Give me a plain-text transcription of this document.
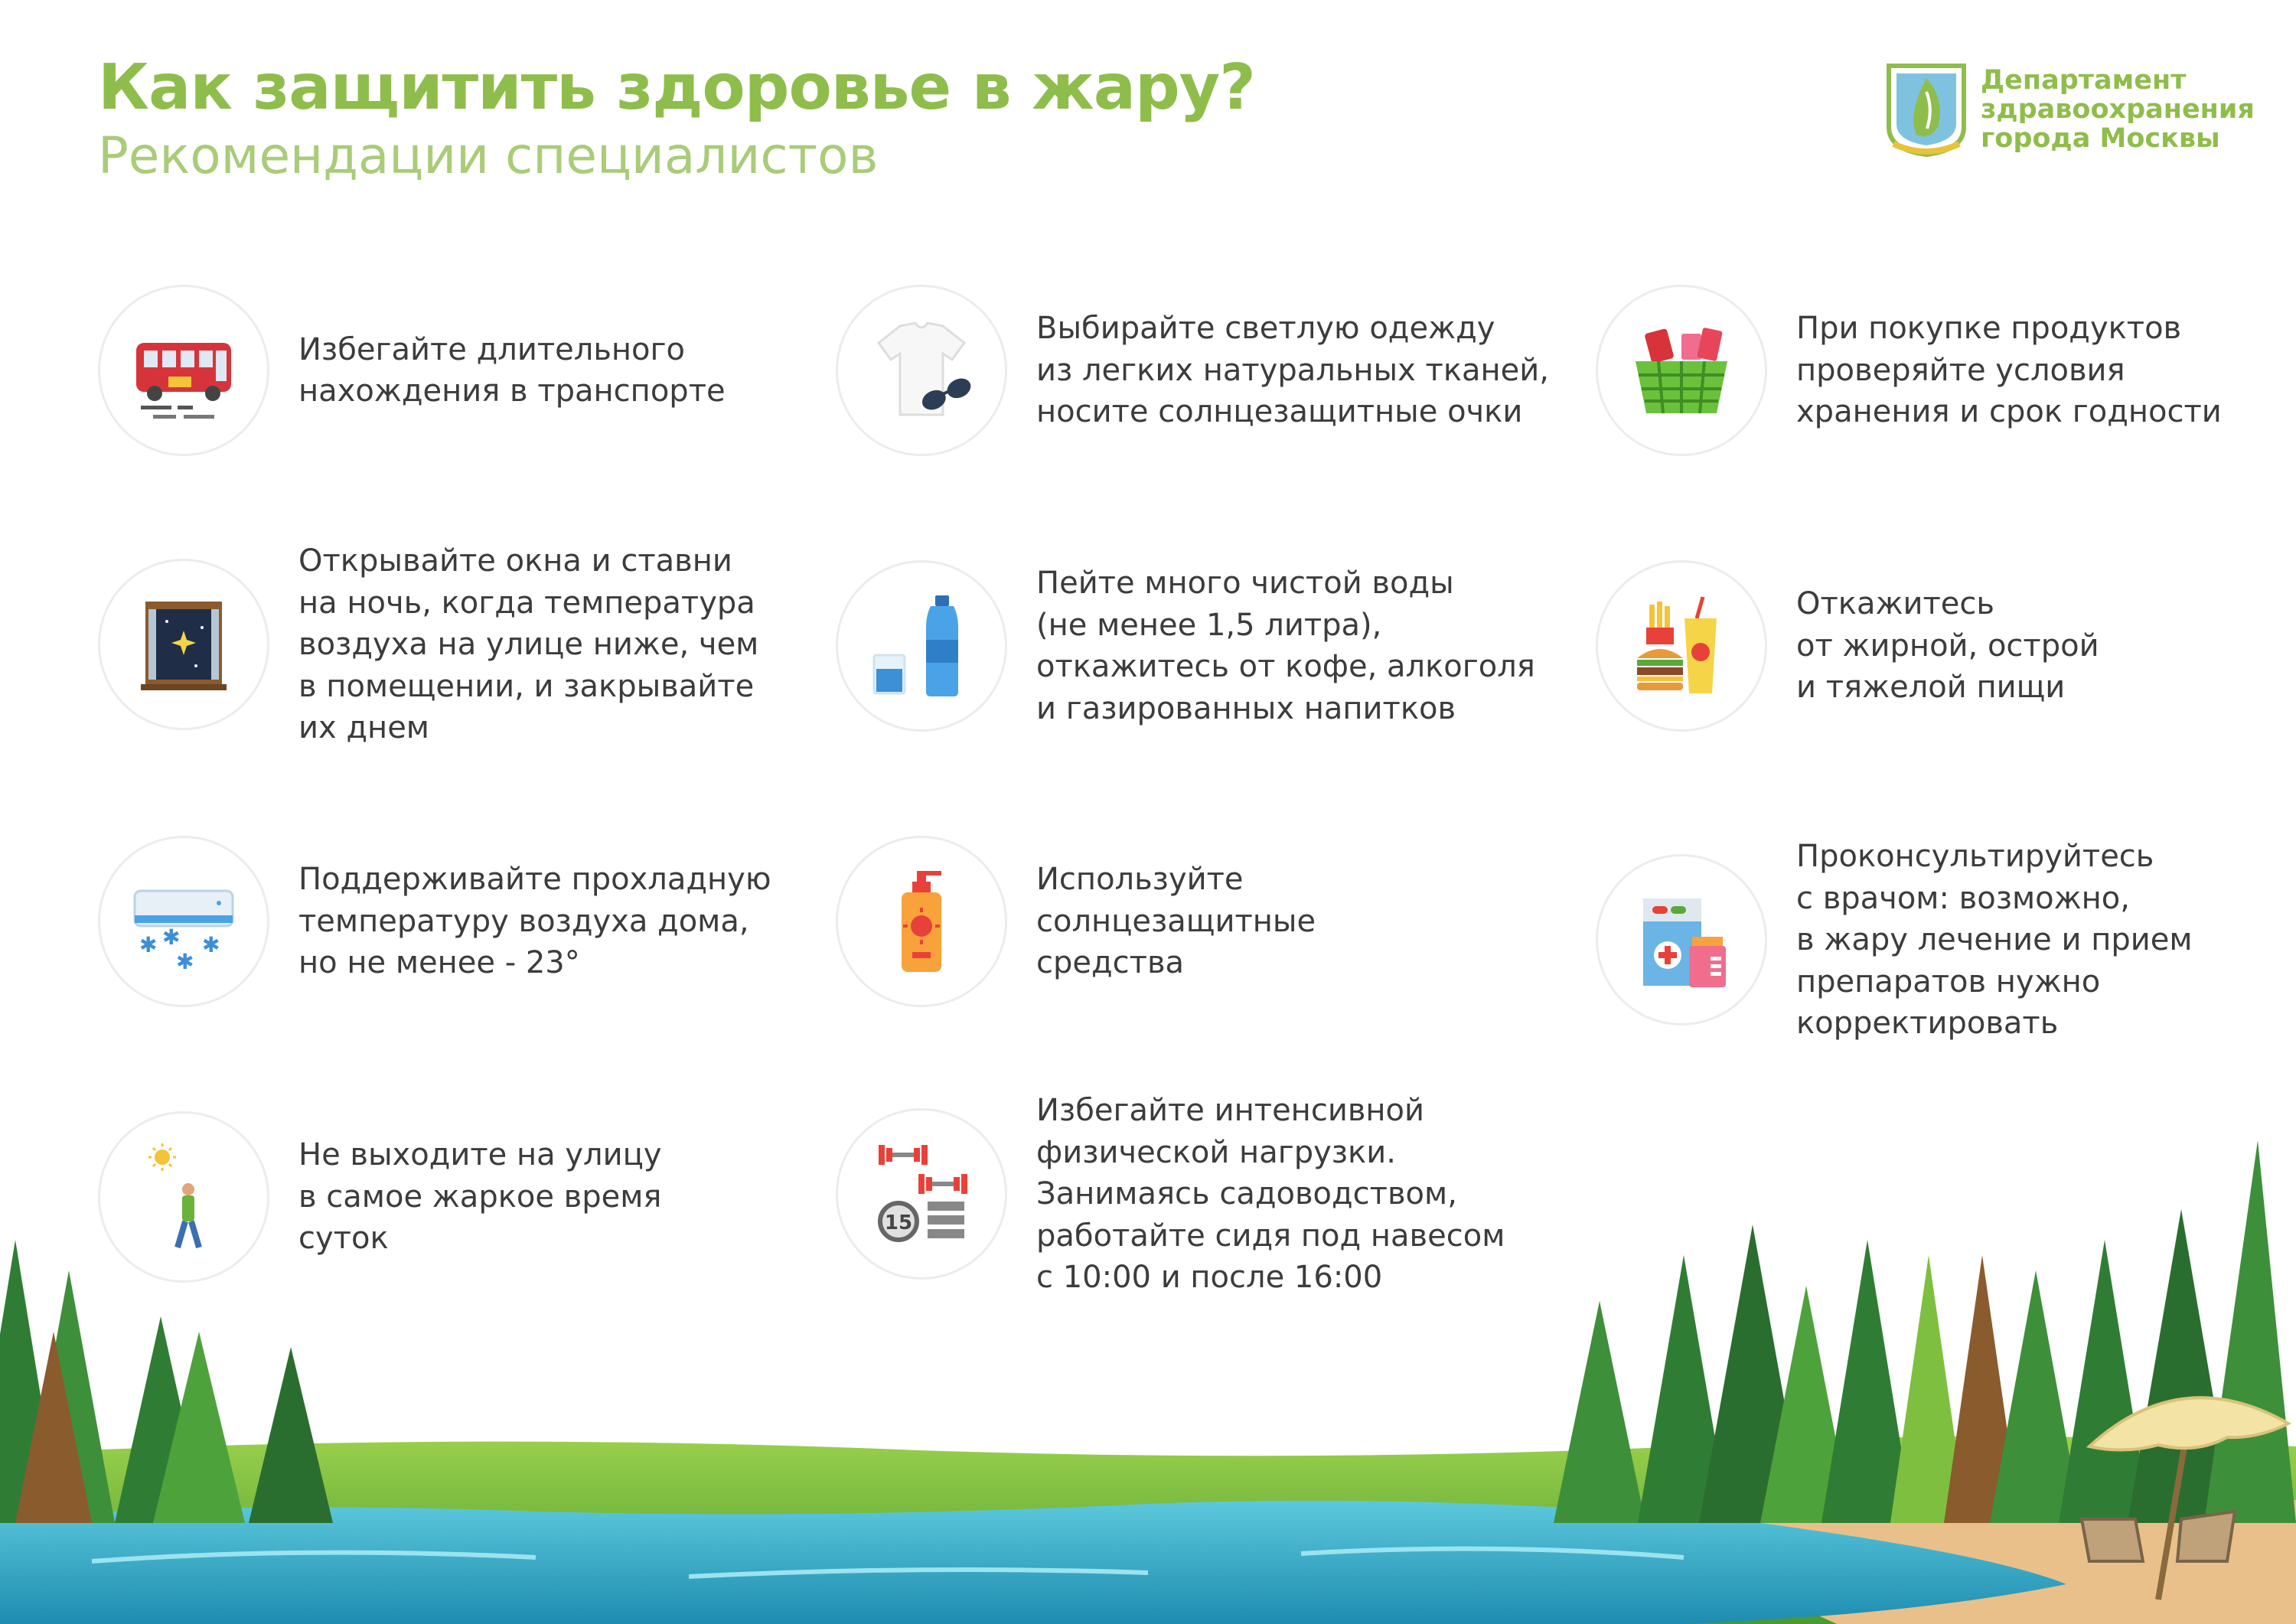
Как защитить здоровье в жару?
Рекомендации специалистов
Департамент
здравоохранения
города Москвы
Избегайте длительного
нахождения в транспорте
Выбирайте светлую одежду
из легких натуральных тканей,
носите солнцезащитные очки
При покупке продуктов
проверяйте условия
хранения и срок годности
Открывайте окна и ставни
на ночь, когда температура
воздуха на улице ниже, чем
в помещении, и закрывайте
их днем
Пейте много чистой воды
(не менее 1,5 литра),
откажитесь от кофе, алкоголя
и газированных напитков
Откажитесь
от жирной, острой
и тяжелой пищи
✱ ✱
✱
✱
Поддерживайте прохладную
температуру воздуха дома,
но не менее - 23°
Используйте
солнцезащитные
средства
Проконсультируйтесь
с врачом: возможно,
в жару лечение и прием
препаратов нужно
корректировать
Не выходите на улицу
в самое жаркое время
суток	15
Избегайте интенсивной
физической нагрузки.
Занимаясь садоводством,
работайте сидя под навесом
с 10:00 и после 16:00
